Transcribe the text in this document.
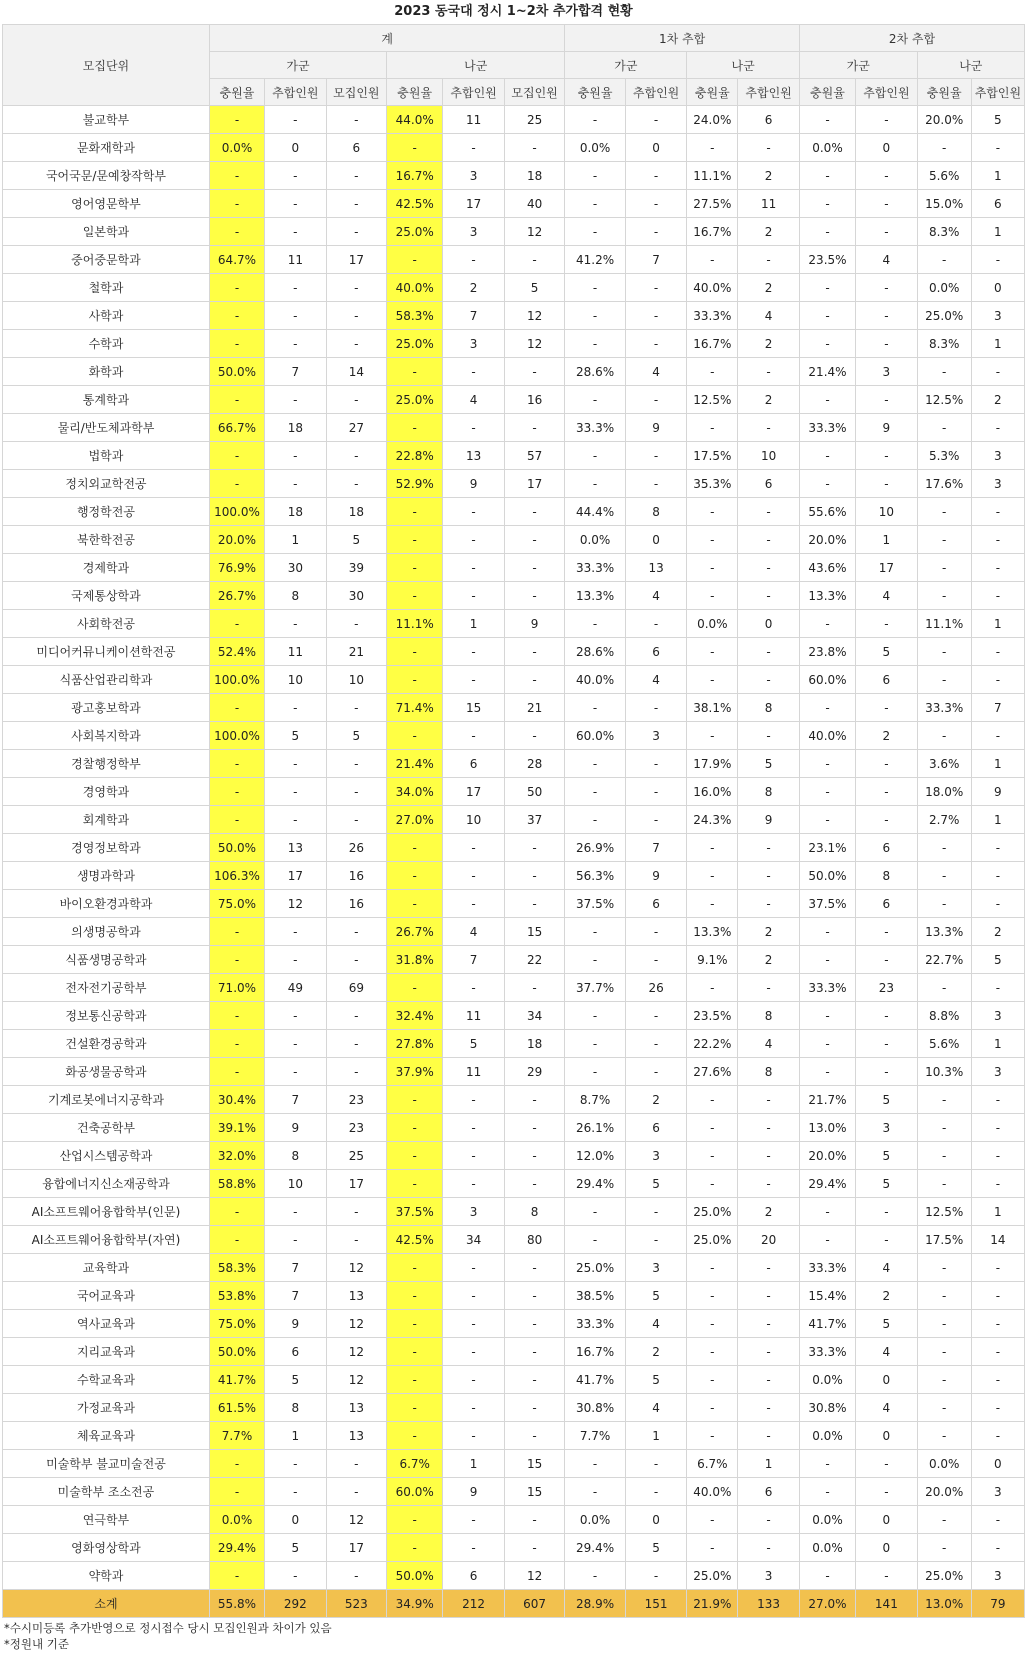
2023 동국대 정시 1~2차 추가합격 현황
모집단위	계						1차 추합				2차 추합			
	가군			나군			가군		나군		가군		나군	
	충원율	추합인원	모집인원	충원율	추합인원	모집인원	충원율	추합인원	충원율	추합인원	충원율	추합인원	충원율	추합인원
불교학부	-	-	-	44.0%	11	25	-	-	24.0%	6	-	-	20.0%	5
문화재학과	0.0%	0	6	-	-	-	0.0%	0	-	-	0.0%	0	-	-
국어국문/문예창작학부	-	-	-	16.7%	3	18	-	-	11.1%	2	-	-	5.6%	1
영어영문학부	-	-	-	42.5%	17	40	-	-	27.5%	11	-	-	15.0%	6
일본학과	-	-	-	25.0%	3	12	-	-	16.7%	2	-	-	8.3%	1
중어중문학과	64.7%	11	17	-	-	-	41.2%	7	-	-	23.5%	4	-	-
철학과	-	-	-	40.0%	2	5	-	-	40.0%	2	-	-	0.0%	0
사학과	-	-	-	58.3%	7	12	-	-	33.3%	4	-	-	25.0%	3
수학과	-	-	-	25.0%	3	12	-	-	16.7%	2	-	-	8.3%	1
화학과	50.0%	7	14	-	-	-	28.6%	4	-	-	21.4%	3	-	-
통계학과	-	-	-	25.0%	4	16	-	-	12.5%	2	-	-	12.5%	2
물리/반도체과학부	66.7%	18	27	-	-	-	33.3%	9	-	-	33.3%	9	-	-
법학과	-	-	-	22.8%	13	57	-	-	17.5%	10	-	-	5.3%	3
정치외교학전공	-	-	-	52.9%	9	17	-	-	35.3%	6	-	-	17.6%	3
행정학전공	100.0%	18	18	-	-	-	44.4%	8	-	-	55.6%	10	-	-
북한학전공	20.0%	1	5	-	-	-	0.0%	0	-	-	20.0%	1	-	-
경제학과	76.9%	30	39	-	-	-	33.3%	13	-	-	43.6%	17	-	-
국제통상학과	26.7%	8	30	-	-	-	13.3%	4	-	-	13.3%	4	-	-
사회학전공	-	-	-	11.1%	1	9	-	-	0.0%	0	-	-	11.1%	1
미디어커뮤니케이션학전공	52.4%	11	21	-	-	-	28.6%	6	-	-	23.8%	5	-	-
식품산업관리학과	100.0%	10	10	-	-	-	40.0%	4	-	-	60.0%	6	-	-
광고홍보학과	-	-	-	71.4%	15	21	-	-	38.1%	8	-	-	33.3%	7
사회복지학과	100.0%	5	5	-	-	-	60.0%	3	-	-	40.0%	2	-	-
경찰행정학부	-	-	-	21.4%	6	28	-	-	17.9%	5	-	-	3.6%	1
경영학과	-	-	-	34.0%	17	50	-	-	16.0%	8	-	-	18.0%	9
회계학과	-	-	-	27.0%	10	37	-	-	24.3%	9	-	-	2.7%	1
경영정보학과	50.0%	13	26	-	-	-	26.9%	7	-	-	23.1%	6	-	-
생명과학과	106.3%	17	16	-	-	-	56.3%	9	-	-	50.0%	8	-	-
바이오환경과학과	75.0%	12	16	-	-	-	37.5%	6	-	-	37.5%	6	-	-
의생명공학과	-	-	-	26.7%	4	15	-	-	13.3%	2	-	-	13.3%	2
식품생명공학과	-	-	-	31.8%	7	22	-	-	9.1%	2	-	-	22.7%	5
전자전기공학부	71.0%	49	69	-	-	-	37.7%	26	-	-	33.3%	23	-	-
정보통신공학과	-	-	-	32.4%	11	34	-	-	23.5%	8	-	-	8.8%	3
건설환경공학과	-	-	-	27.8%	5	18	-	-	22.2%	4	-	-	5.6%	1
화공생물공학과	-	-	-	37.9%	11	29	-	-	27.6%	8	-	-	10.3%	3
기계로봇에너지공학과	30.4%	7	23	-	-	-	8.7%	2	-	-	21.7%	5	-	-
건축공학부	39.1%	9	23	-	-	-	26.1%	6	-	-	13.0%	3	-	-
산업시스템공학과	32.0%	8	25	-	-	-	12.0%	3	-	-	20.0%	5	-	-
융합에너지신소재공학과	58.8%	10	17	-	-	-	29.4%	5	-	-	29.4%	5	-	-
AI소프트웨어융합학부(인문)	-	-	-	37.5%	3	8	-	-	25.0%	2	-	-	12.5%	1
AI소프트웨어융합학부(자연)	-	-	-	42.5%	34	80	-	-	25.0%	20	-	-	17.5%	14
교육학과	58.3%	7	12	-	-	-	25.0%	3	-	-	33.3%	4	-	-
국어교육과	53.8%	7	13	-	-	-	38.5%	5	-	-	15.4%	2	-	-
역사교육과	75.0%	9	12	-	-	-	33.3%	4	-	-	41.7%	5	-	-
지리교육과	50.0%	6	12	-	-	-	16.7%	2	-	-	33.3%	4	-	-
수학교육과	41.7%	5	12	-	-	-	41.7%	5	-	-	0.0%	0	-	-
가정교육과	61.5%	8	13	-	-	-	30.8%	4	-	-	30.8%	4	-	-
체육교육과	7.7%	1	13	-	-	-	7.7%	1	-	-	0.0%	0	-	-
미술학부 불교미술전공	-	-	-	6.7%	1	15	-	-	6.7%	1	-	-	0.0%	0
미술학부 조소전공	-	-	-	60.0%	9	15	-	-	40.0%	6	-	-	20.0%	3
연극학부	0.0%	0	12	-	-	-	0.0%	0	-	-	0.0%	0	-	-
영화영상학과	29.4%	5	17	-	-	-	29.4%	5	-	-	0.0%	0	-	-
약학과	-	-	-	50.0%	6	12	-	-	25.0%	3	-	-	25.0%	3
소계	55.8%	292	523	34.9%	212	607	28.9%	151	21.9%	133	27.0%	141	13.0%	79
*수시미등록 추가반영으로 정시접수 당시 모집인원과 차이가 있음
*정원내 기준
